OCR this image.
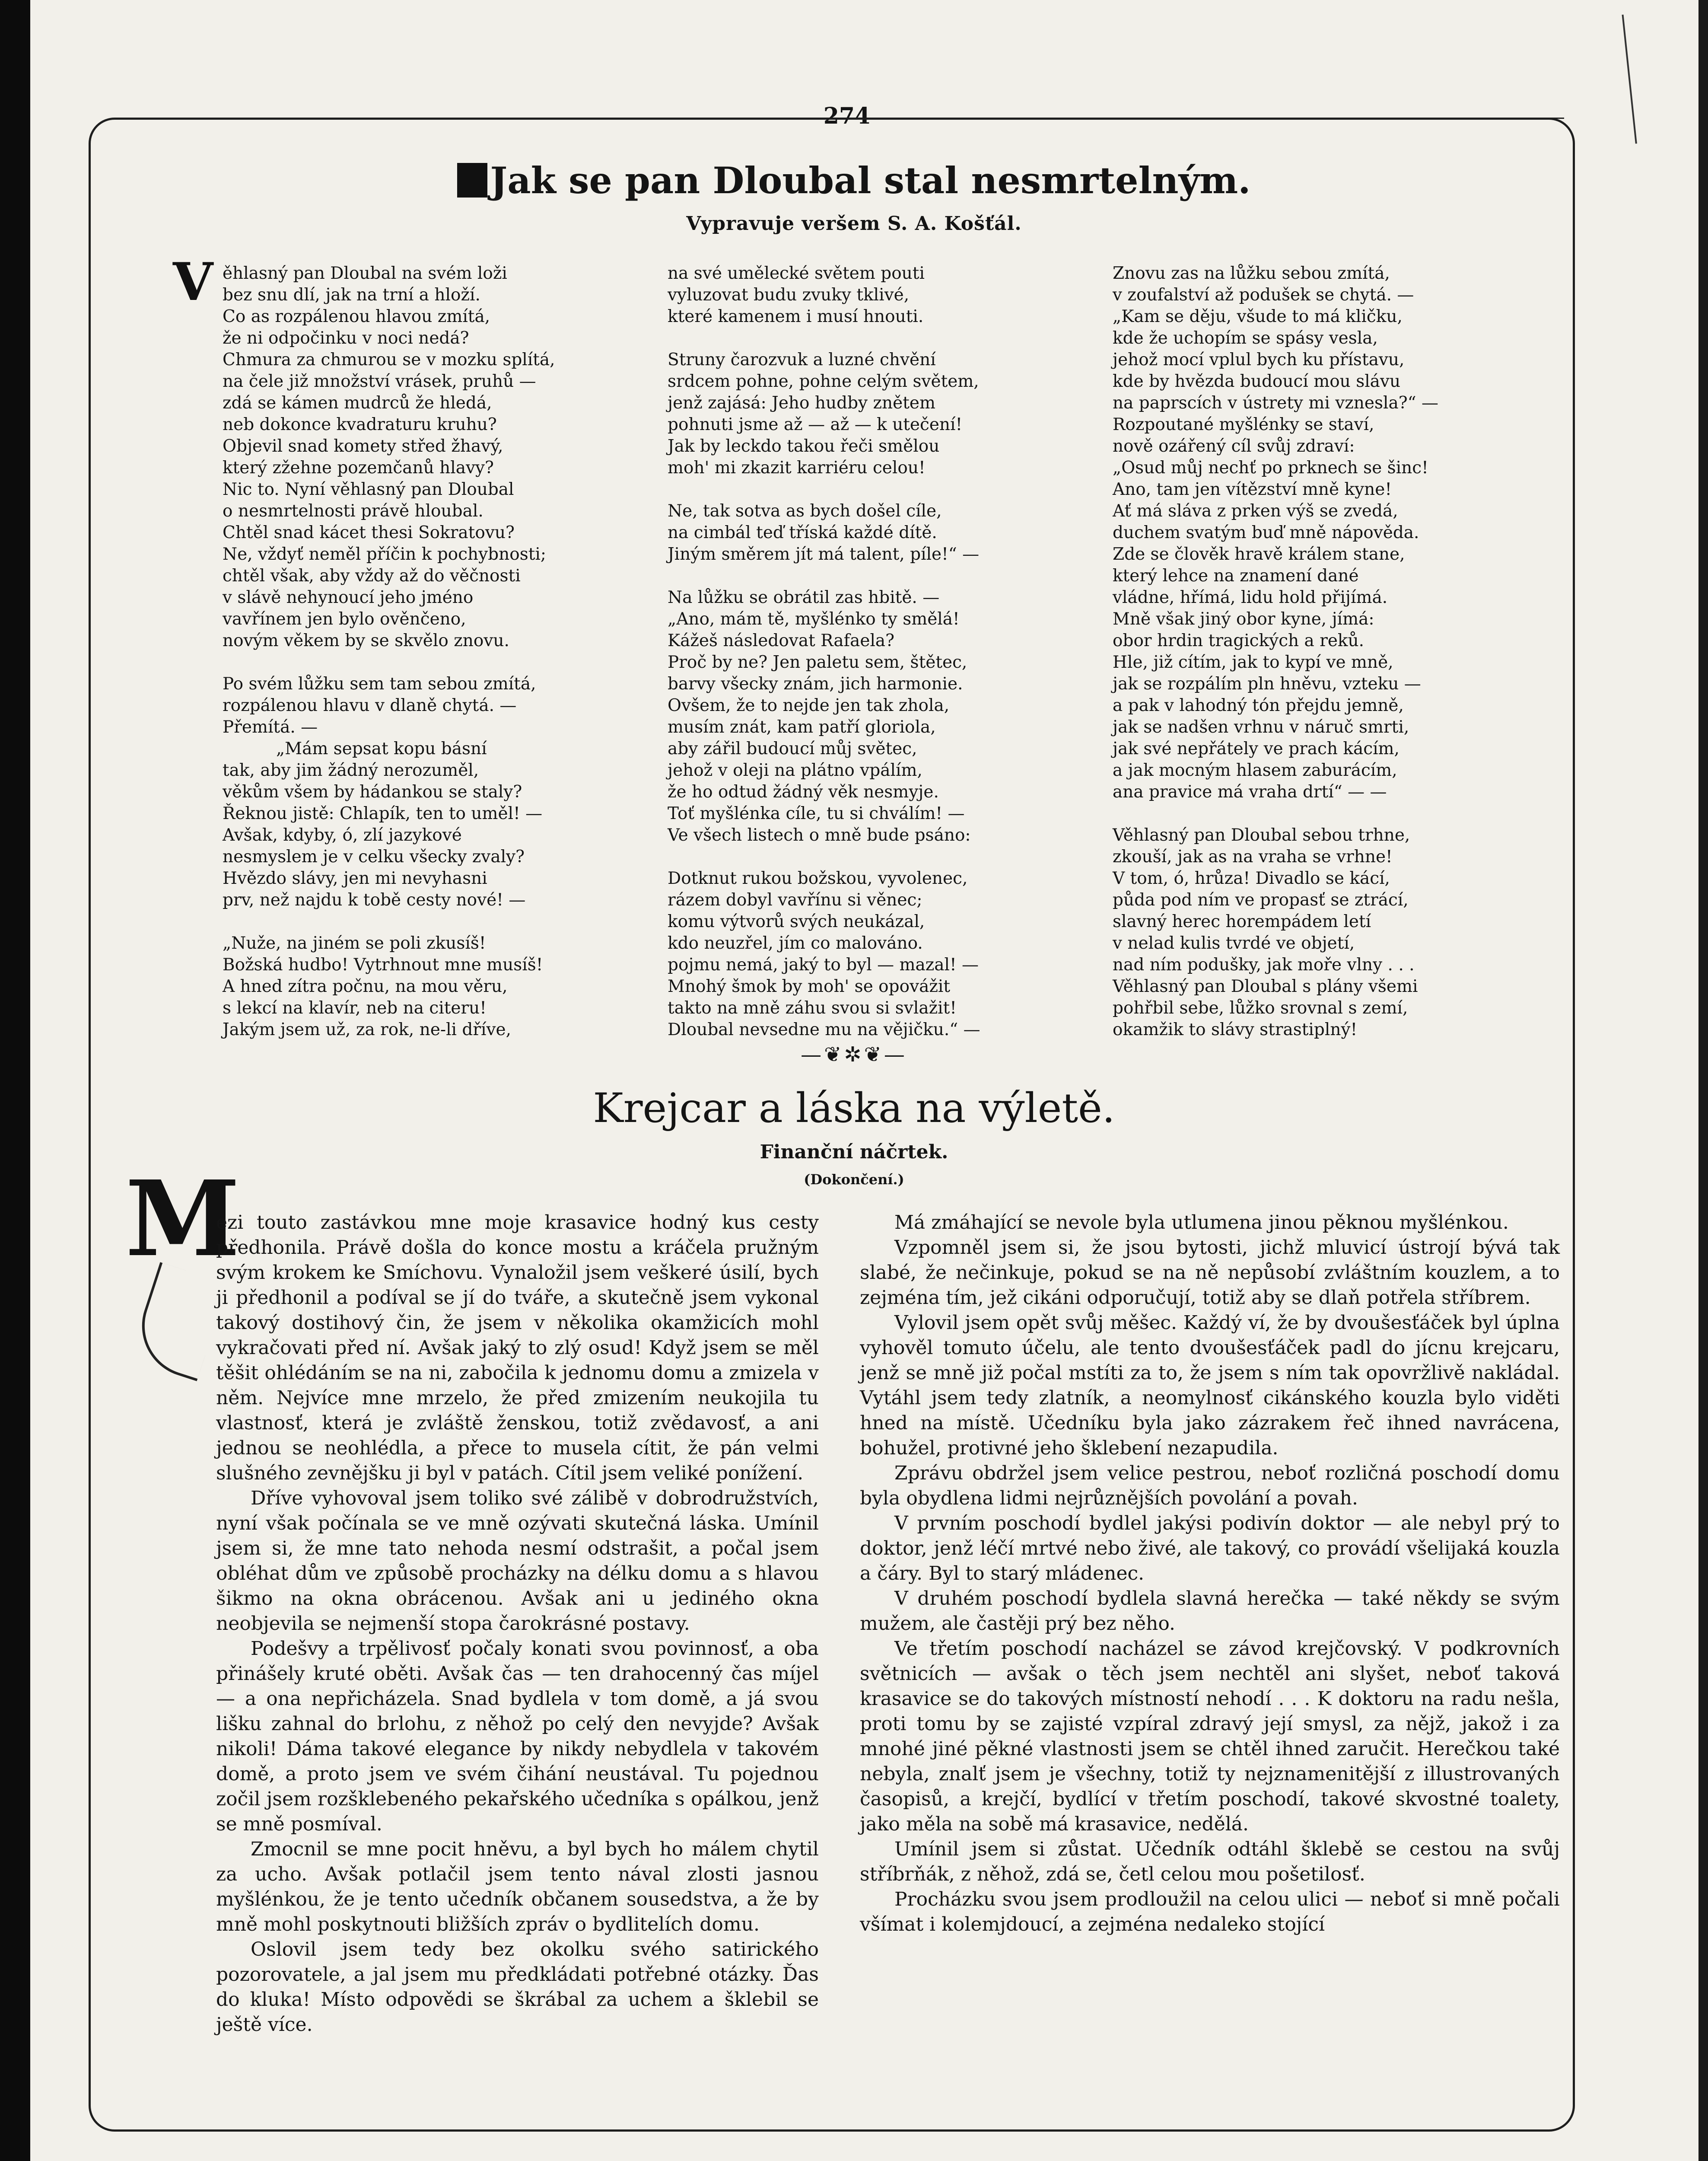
274
Jak se pan Dloubal stal nesmrtelným.
Vypravuje veršem S. A. Košťál.
V ěhlasný pan Dloubal na svém loži

bez snu dlí, jak na trní a hloží.

Co as rozpálenou hlavou zmítá,

že ni odpočinku v noci nedá?

Chmura za chmurou se v mozku splítá,

na čele již množství vrásek, pruhů —

zdá se kámen mudrců že hledá,

neb dokonce kvadraturu kruhu?

Objevil snad komety střed žhavý,

který zžehne pozemčanů hlavy?

Nic to. Nyní věhlasný pan Dloubal

o nesmrtelnosti právě hloubal.

Chtěl snad kácet thesi Sokratovu?

Ne, vždyť neměl příčin k pochybnosti;

chtěl však, aby vždy až do věčnosti

v slávě nehynoucí jeho jméno

vavřínem jen bylo ověnčeno,

novým věkem by se skvělo znovu.

Po svém lůžku sem tam sebou zmítá,

rozpálenou hlavu v dlaně chytá. —

Přemítá. —

„Mám sepsat kopu básní

tak, aby jim žádný nerozuměl,

věkům všem by hádankou se staly?

Řeknou jistě: Chlapík, ten to uměl! —

Avšak, kdyby, ó, zlí jazykové

nesmyslem je v celku všecky zvaly?

Hvězdo slávy, jen mi nevyhasni

prv, než najdu k tobě cesty nové! —

„Nuže, na jiném se poli zkusíš!

Božská hudbo! Vytrhnout mne musíš!

A hned zítra počnu, na mou věru,

s lekcí na klavír, neb na citeru!

Jakým jsem už, za rok, ne-li dříve,

na své umělecké světem pouti

vyluzovat budu zvuky tklivé,

které kamenem i musí hnouti.

Struny čarozvuk a luzné chvění

srdcem pohne, pohne celým světem,

jenž zajásá: Jeho hudby znětem

pohnuti jsme až — až — k utečení!

Jak by leckdo takou řeči smělou

moh' mi zkazit karriéru celou!

Ne, tak sotva as bych došel cíle,

na cimbál teď tříská každé dítě.

Jiným směrem jít má talent, píle!“ —

Na lůžku se obrátil zas hbitě. —

„Ano, mám tě, myšlénko ty smělá!

Kážeš následovat Rafaela?

Proč by ne? Jen paletu sem, štětec,

barvy všecky znám, jich harmonie.

Ovšem, že to nejde jen tak zhola,

musím znát, kam patří gloriola,

aby zářil budoucí můj světec,

jehož v oleji na plátno vpálím,

že ho odtud žádný věk nesmyje.

Toť myšlénka cíle, tu si chválím! —

Ve všech listech o mně bude psáno:

Dotknut rukou božskou, vyvolenec,

rázem dobyl vavřínu si věnec;

komu výtvorů svých neukázal,

kdo neuzřel, jím co malováno.

pojmu nemá, jaký to byl — mazal! —

Mnohý šmok by moh' se opovážit

takto na mně záhu svou si svlažit!

Dloubal nevsedne mu na vějičku.“ —

Znovu zas na lůžku sebou zmítá,

v zoufalství až podušek se chytá. —

„Kam se děju, všude to má kličku,

kde že uchopím se spásy vesla,

jehož mocí vplul bych ku přístavu,

kde by hvězda budoucí mou slávu

na paprscích v ústrety mi vznesla?“ —

Rozpoutané myšlénky se staví,

nově ozářený cíl svůj zdraví:

„Osud můj nechť po prknech se šinc!

Ano, tam jen vítězství mně kyne!

Ať má sláva z prken výš se zvedá,

duchem svatým buď mně nápověda.

Zde se člověk hravě králem stane,

který lehce na znamení dané

vládne, hřímá, lidu hold přijímá.

Mně však jiný obor kyne, jímá:

obor hrdin tragických a reků.

Hle, již cítím, jak to kypí ve mně,

jak se rozpálím pln hněvu, vzteku —

a pak v lahodný tón přejdu jemně,

jak se nadšen vrhnu v náruč smrti,

jak své nepřátely ve prach kácím,

a jak mocným hlasem zaburácím,

ana pravice má vraha drtí“ — —

Věhlasný pan Dloubal sebou trhne,

zkouší, jak as na vraha se vrhne!

V tom, ó, hrůza! Divadlo se kácí,

půda pod ním ve propasť se ztrácí,

slavný herec horempádem letí

v nelad kulis tvrdé ve objetí,

nad ním podušky, jak moře vlny . . .

Věhlasný pan Dloubal s plány všemi

pohřbil sebe, lůžko srovnal s zemí,

okamžik to slávy strastiplný!

—❦✲❦—
Krejcar a láska na výletě.
Finanční náčrtek.
(Dokončení.)
M

ezi touto zastávkou mne moje krasavice hodný kus cesty předhonila. Právě došla do konce mostu a kráčela pružným svým krokem ke Smíchovu. Vynaložil jsem veškeré úsilí, bych ji předhonil a podíval se jí do tváře, a skutečně jsem vykonal takový dostihový čin, že jsem v několika okamžicích mohl vykračovati před ní. Avšak jaký to zlý osud! Když jsem se měl těšit ohlédáním se na ni, zabočila k jednomu domu a zmizela v něm. Nejvíce mne mrzelo, že před zmizením neukojila tu vlastnosť, která je zvláště ženskou, totiž zvědavosť, a ani jednou se neohlédla, a přece to musela cítit, že pán velmi slušného zevnějšku ji byl v patách. Cítil jsem veliké ponížení.

Dříve vyhovoval jsem toliko své zálibě v dobrodružstvích, nyní však počínala se ve mně ozývati skutečná láska. Umínil jsem si, že mne tato nehoda nesmí odstrašit, a počal jsem obléhat dům ve způsobě procházky na délku domu a s hlavou šikmo na okna obrácenou. Avšak ani u jediného okna neobjevila se nejmenší stopa čarokrásné postavy.

Podešvy a trpělivosť počaly konati svou povinnosť, a oba přinášely kruté oběti. Avšak čas — ten drahocenný čas míjel — a ona nepřicházela. Snad bydlela v tom domě, a já svou lišku zahnal do brlohu, z něhož po celý den nevyjde? Avšak nikoli! Dáma takové elegance by nikdy nebydlela v takovém domě, a proto jsem ve svém čihání neustával. Tu pojednou zočil jsem rozšklebeného pekařského učedníka s opálkou, jenž se mně posmíval.

Zmocnil se mne pocit hněvu, a byl bych ho málem chytil za ucho. Avšak potlačil jsem tento nával zlosti jasnou myšlénkou, že je tento učedník občanem sousedstva, a že by mně mohl poskytnouti bližších zpráv o bydlitelích domu.

Oslovil jsem tedy bez okolku svého satirického pozorovatele, a jal jsem mu předkládati potřebné otázky. Ďas do kluka! Místo odpovědi se škrábal za uchem a šklebil se ještě více.

Má zmáhající se nevole byla utlumena jinou pěknou myšlénkou.

Vzpomněl jsem si, že jsou bytosti, jichž mluvicí ústrojí bývá tak slabé, že nečinkuje, pokud se na ně nepůsobí zvláštním kouzlem, a to zejména tím, jež cikáni odporučují, totiž aby se dlaň potřela stříbrem.

Vylovil jsem opět svůj měšec. Každý ví, že by dvoušesťáček byl úplna vyhověl tomuto účelu, ale tento dvoušesťáček padl do jícnu krejcaru, jenž se mně již počal mstíti za to, že jsem s ním tak opovržlivě nakládal. Vytáhl jsem tedy zlatník, a neomylnosť cikánského kouzla bylo viděti hned na místě. Učedníku byla jako zázrakem řeč ihned navrácena, bohužel, protivné jeho šklebení nezapudila.

Zprávu obdržel jsem velice pestrou, neboť rozličná poschodí domu byla obydlena lidmi nejrůznějších povolání a povah.

V prvním poschodí bydlel jakýsi podivín doktor — ale nebyl prý to doktor, jenž léčí mrtvé nebo živé, ale takový, co provádí všelijaká kouzla a čáry. Byl to starý mládenec.

V druhém poschodí bydlela slavná herečka — také někdy se svým mužem, ale častěji prý bez něho.

Ve třetím poschodí nacházel se závod krejčovský. V podkrovních světnicích — avšak o těch jsem nechtěl ani slyšet, neboť taková krasavice se do takových místností nehodí . . . K doktoru na radu nešla, proti tomu by se zajisté vzpíral zdravý její smysl, za nějž, jakož i za mnohé jiné pěkné vlastnosti jsem se chtěl ihned zaručit. Herečkou také nebyla, znalť jsem je všechny, totiž ty nejznamenitější z illustrovaných časopisů, a krejčí, bydlící v třetím poschodí, takové skvostné toalety, jako měla na sobě má krasavice, nedělá.

Umínil jsem si zůstat. Učedník odtáhl šklebě se cestou na svůj stříbrňák, z něhož, zdá se, četl celou mou pošetilosť.

Procházku svou jsem prodloužil na celou ulici — neboť si mně počali všímat i kolemjdoucí, a zejména nedaleko stojící
